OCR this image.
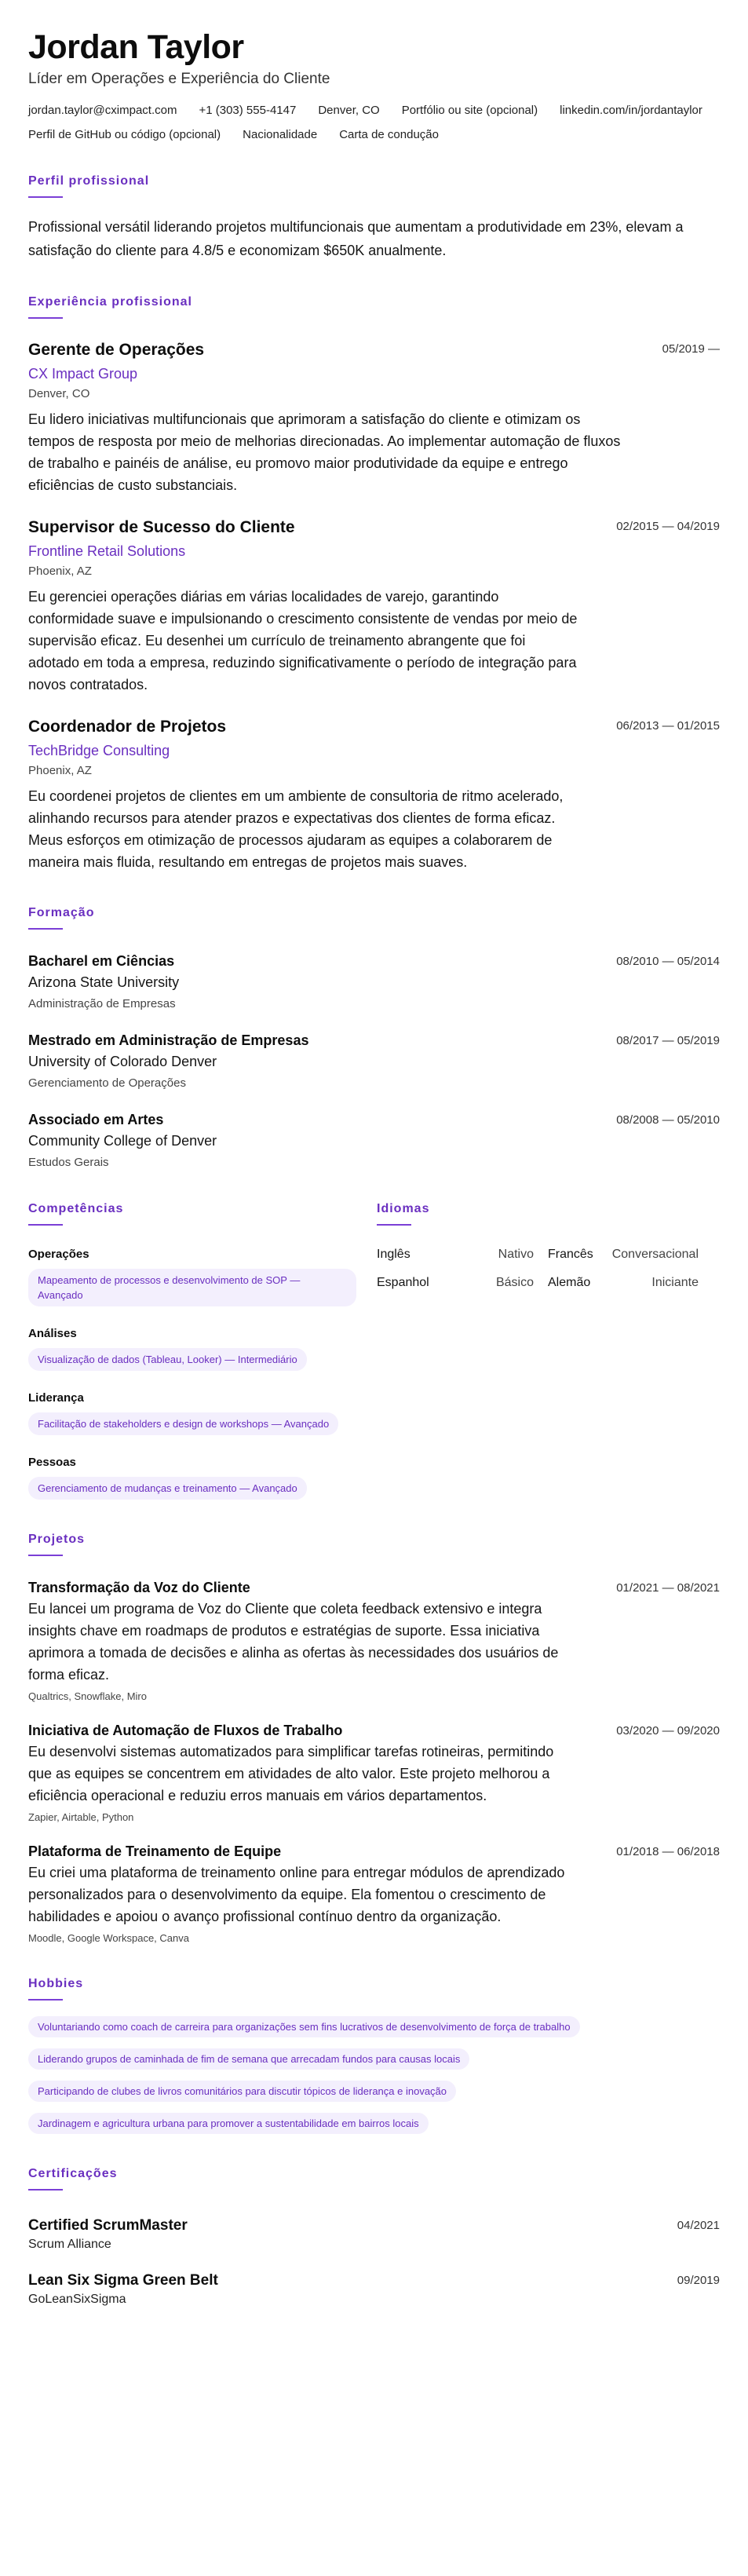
Jordan Taylor
Líder em Operações e Experiência do Cliente
jordan.taylor@cximpact.com +1 (303) 555-4147 Denver, CO Portfólio ou site (opcional) linkedin.com/in/jordantaylor
Perfil de GitHub ou código (opcional) Nacionalidade Carta de condução
Perfil profissional

Profissional versátil liderando projetos multifuncionais que aumentam a produtividade em 23%, elevam a satisfação do cliente para 4.8/5 e economizam $650K anualmente.

Experiência profissional
Gerente de Operações	05/2019 —
CX Impact Group
Denver, CO

Eu lidero iniciativas multifuncionais que aprimoram a satisfação do cliente e otimizam os tempos de resposta por meio de melhorias direcionadas. Ao implementar automação de fluxos de trabalho e painéis de análise, eu promovo maior produtividade da equipe e entrego eficiências de custo substanciais.

Supervisor de Sucesso do Cliente	02/2015 — 04/2019
Frontline Retail Solutions
Phoenix, AZ

Eu gerenciei operações diárias em várias localidades de varejo, garantindo conformidade suave e impulsionando o crescimento consistente de vendas por meio de supervisão eficaz. Eu desenhei um currículo de treinamento abrangente que foi adotado em toda a empresa, reduzindo significativamente o período de integração para novos contratados.

Coordenador de Projetos	06/2013 — 01/2015
TechBridge Consulting
Phoenix, AZ

Eu coordenei projetos de clientes em um ambiente de consultoria de ritmo acelerado, alinhando recursos para atender prazos e expectativas dos clientes de forma eficaz. Meus esforços em otimização de processos ajudaram as equipes a colaborarem de maneira mais fluida, resultando em entregas de projetos mais suaves.

Formação
Bacharel em Ciências	08/2010 — 05/2014
Arizona State University
Administração de Empresas
Mestrado em Administração de Empresas	08/2017 — 05/2019
University of Colorado Denver
Gerenciamento de Operações
Associado em Artes	08/2008 — 05/2010
Community College of Denver
Estudos Gerais
Competências
Operações
Mapeamento de processos e desenvolvimento de SOP — Avançado
Análises
Visualização de dados (Tableau, Looker) — Intermediário
Liderança
Facilitação de stakeholders e design de workshops — Avançado
Pessoas
Gerenciamento de mudanças e treinamento — Avançado
Idiomas
Inglês	Nativo Francês	Conversacional
Espanhol	Básico Alemão	Iniciante
Projetos
Transformação da Voz do Cliente	01/2021 — 08/2021

Eu lancei um programa de Voz do Cliente que coleta feedback extensivo e integra insights chave em roadmaps de produtos e estratégias de suporte. Essa iniciativa aprimora a tomada de decisões e alinha as ofertas às necessidades dos usuários de forma eficaz.

Qualtrics, Snowflake, Miro
Iniciativa de Automação de Fluxos de Trabalho	03/2020 — 09/2020

Eu desenvolvi sistemas automatizados para simplificar tarefas rotineiras, permitindo que as equipes se concentrem em atividades de alto valor. Este projeto melhorou a eficiência operacional e reduziu erros manuais em vários departamentos.

Zapier, Airtable, Python
Plataforma de Treinamento de Equipe	01/2018 — 06/2018

Eu criei uma plataforma de treinamento online para entregar módulos de aprendizado personalizados para o desenvolvimento da equipe. Ela fomentou o crescimento de habilidades e apoiou o avanço profissional contínuo dentro da organização.

Moodle, Google Workspace, Canva
Hobbies
Voluntariando como coach de carreira para organizações sem fins lucrativos de desenvolvimento de força de trabalho
Liderando grupos de caminhada de fim de semana que arrecadam fundos para causas locais
Participando de clubes de livros comunitários para discutir tópicos de liderança e inovação
Jardinagem e agricultura urbana para promover a sustentabilidade em bairros locais
Certificações
Certified ScrumMaster	04/2021
Scrum Alliance
Lean Six Sigma Green Belt	09/2019
GoLeanSixSigma
